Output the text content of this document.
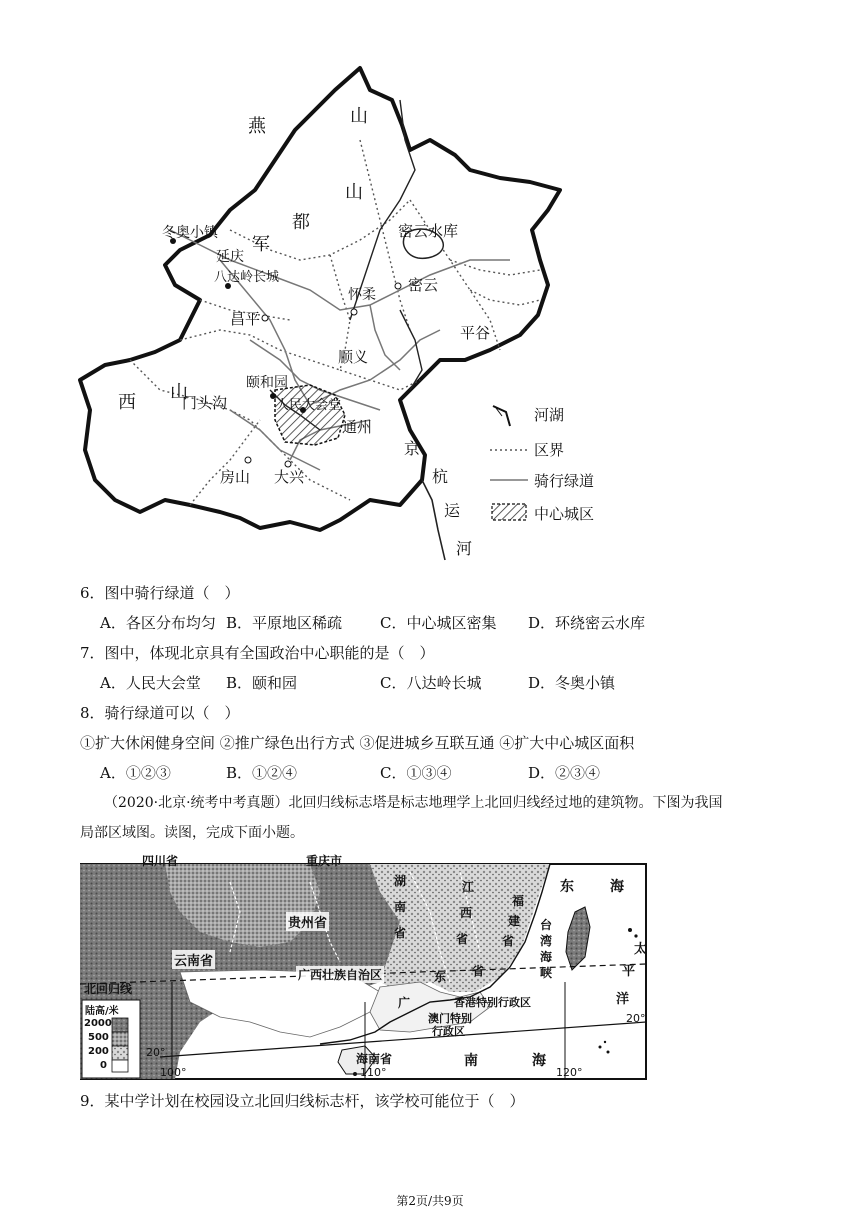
燕	山
山
都
军
冬奥小镇
延庆
八达岭长城
密云水库
怀柔
密云
昌平
平谷
顺义
颐和园
西 山
门头沟	人民大会堂
通州
房山 大兴
京
杭
运
河
河湖
区界
骑行绿道
中心城区
6．图中骑行绿道（　）
A．各区分布均匀 B．平原地区稀疏	C．中心城区密集 D．环绕密云水库
7．图中，体现北京具有全国政治中心职能的是（　）
A．人民大会堂 B．颐和园	C．八达岭长城	D．冬奥小镇
8．骑行绿道可以（　）
①扩大休闲健身空间 ②推广绿色出行方式 ③促进城乡互联互通 ④扩大中心城区面积
A．①②③	B．①②④	C．①③④	D．②③④
（2020·北京·统考中考真题）北回归线标志塔是标志地理学上北回归线经过地的建筑物。下图为我国
局部区域图。读图，完成下面小题。
四川省	重庆市
贵州省
云南省
广西壮族自治区
湖
南
省
江
西
省
福
建
省
广
东 省
香港特别行政区
澳门特别
行政区
台
湾
海
峡
东	海
太
平
洋
北回归线
海南省	南	海
20°
20°
100°	110°	120°
陆高/米
2000
500
200
0
9．某中学计划在校园设立北回归线标志杆，该学校可能位于（　）
第2页/共9页
